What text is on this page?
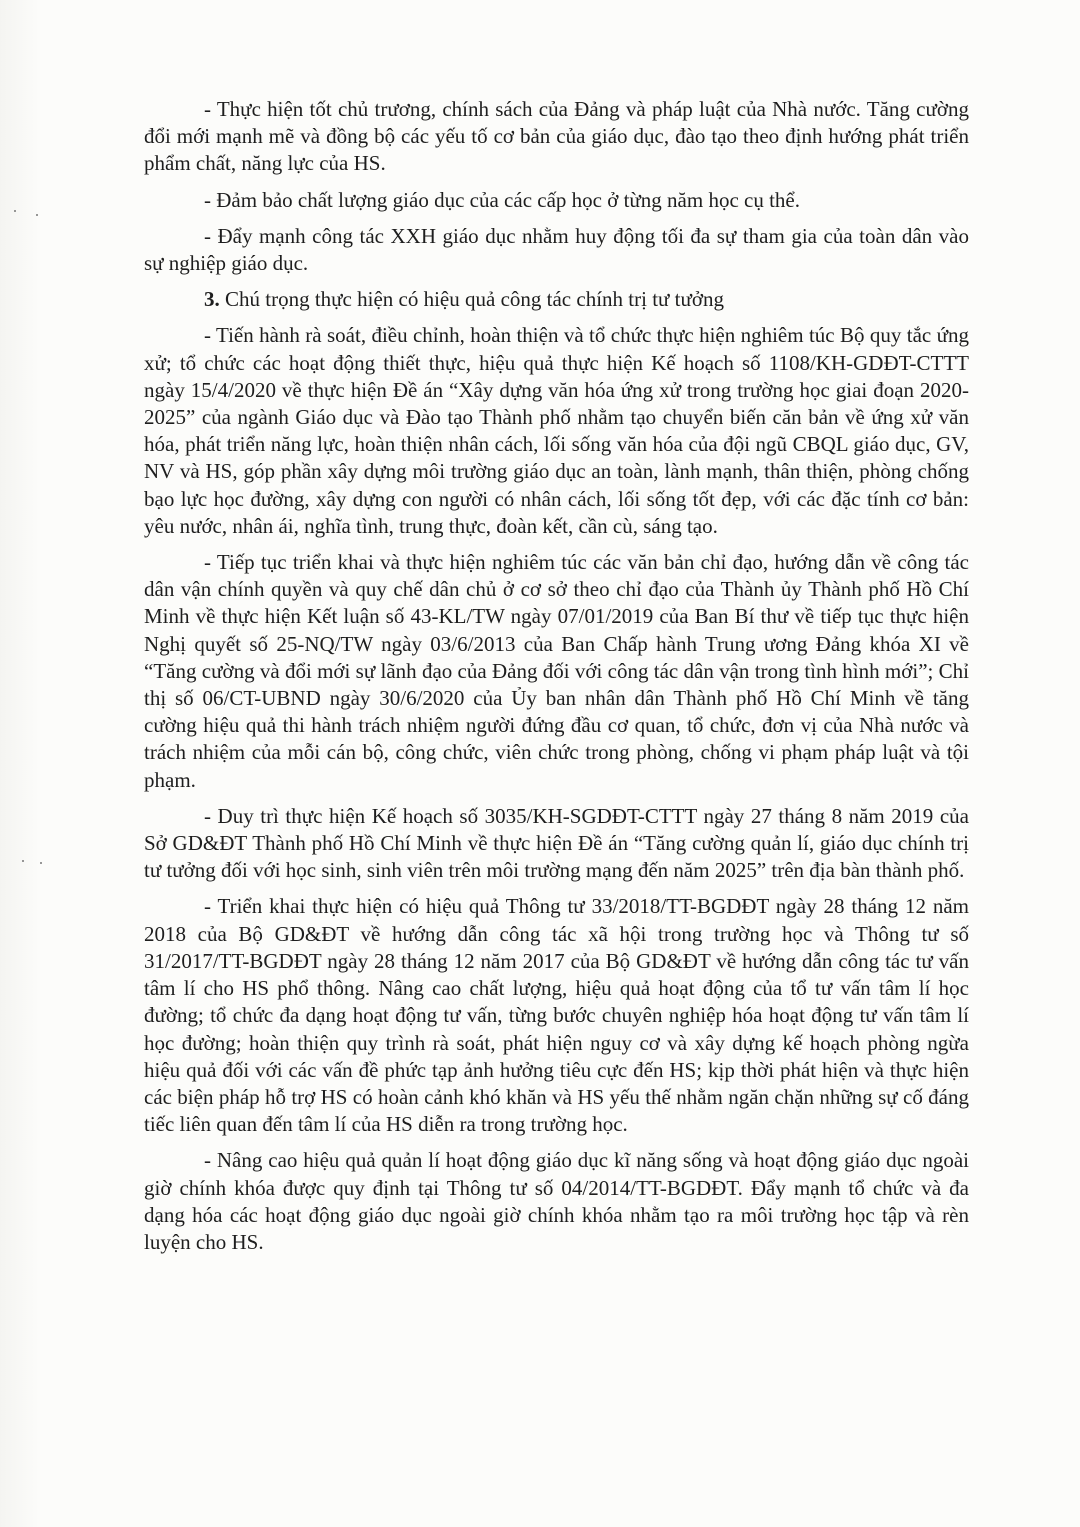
- Thực hiện tốt chủ trương, chính sách của Đảng và pháp luật của Nhà nước. Tăng cường đổi mới mạnh mẽ và đồng bộ các yếu tố cơ bản của giáo dục, đào tạo theo định hướng phát triển phẩm chất, năng lực của HS.

- Đảm bảo chất lượng giáo dục của các cấp học ở từng năm học cụ thể.

- Đẩy mạnh công tác XXH giáo dục nhằm huy động tối đa sự tham gia của toàn dân vào sự nghiệp giáo dục.

3. Chú trọng thực hiện có hiệu quả công tác chính trị tư tưởng

- Tiến hành rà soát, điều chỉnh, hoàn thiện và tổ chức thực hiện nghiêm túc Bộ quy tắc ứng xử; tổ chức các hoạt động thiết thực, hiệu quả thực hiện Kế hoạch số 1108/KH-GDĐT-CTTT ngày 15/4/2020 về thực hiện Đề án “Xây dựng văn hóa ứng xử trong trường học giai đoạn 2020-2025” của ngành Giáo dục và Đào tạo Thành phố nhằm tạo chuyển biến căn bản về ứng xử văn hóa, phát triển năng lực, hoàn thiện nhân cách, lối sống văn hóa của đội ngũ CBQL giáo dục, GV, NV và HS, góp phần xây dựng môi trường giáo dục an toàn, lành mạnh, thân thiện, phòng chống bạo lực học đường, xây dựng con người có nhân cách, lối sống tốt đẹp, với các đặc tính cơ bản: yêu nước, nhân ái, nghĩa tình, trung thực, đoàn kết, cần cù, sáng tạo.

- Tiếp tục triển khai và thực hiện nghiêm túc các văn bản chỉ đạo, hướng dẫn về công tác dân vận chính quyền và quy chế dân chủ ở cơ sở theo chỉ đạo của Thành ủy Thành phố Hồ Chí Minh về thực hiện Kết luận số 43-KL/TW ngày 07/01/2019 của Ban Bí thư về tiếp tục thực hiện Nghị quyết số 25-NQ/TW ngày 03/6/2013 của Ban Chấp hành Trung ương Đảng khóa XI về “Tăng cường và đổi mới sự lãnh đạo của Đảng đối với công tác dân vận trong tình hình mới”; Chỉ thị số 06/CT-UBND ngày 30/6/2020 của Ủy ban nhân dân Thành phố Hồ Chí Minh về tăng cường hiệu quả thi hành trách nhiệm người đứng đầu cơ quan, tổ chức, đơn vị của Nhà nước và trách nhiệm của mỗi cán bộ, công chức, viên chức trong phòng, chống vi phạm pháp luật và tội phạm.

- Duy trì thực hiện Kế hoạch số 3035/KH-SGDĐT-CTTT ngày 27 tháng 8 năm 2019 của Sở GD&ĐT Thành phố Hồ Chí Minh về thực hiện Đề án “Tăng cường quản lí, giáo dục chính trị tư tưởng đối với học sinh, sinh viên trên môi trường mạng đến năm 2025” trên địa bàn thành phố.

- Triển khai thực hiện có hiệu quả Thông tư 33/2018/TT-BGDĐT ngày 28 tháng 12 năm 2018 của Bộ GD&ĐT về hướng dẫn công tác xã hội trong trường học và Thông tư số 31/2017/TT-BGDĐT ngày 28 tháng 12 năm 2017 của Bộ GD&ĐT về hướng dẫn công tác tư vấn tâm lí cho HS phổ thông. Nâng cao chất lượng, hiệu quả hoạt động của tổ tư vấn tâm lí học đường; tổ chức đa dạng hoạt động tư vấn, từng bước chuyên nghiệp hóa hoạt động tư vấn tâm lí học đường; hoàn thiện quy trình rà soát, phát hiện nguy cơ và xây dựng kế hoạch phòng ngừa hiệu quả đối với các vấn đề phức tạp ảnh hưởng tiêu cực đến HS; kịp thời phát hiện và thực hiện các biện pháp hỗ trợ HS có hoàn cảnh khó khăn và HS yếu thế nhằm ngăn chặn những sự cố đáng tiếc liên quan đến tâm lí của HS diễn ra trong trường học.

- Nâng cao hiệu quả quản lí hoạt động giáo dục kĩ năng sống và hoạt động giáo dục ngoài giờ chính khóa được quy định tại Thông tư số 04/2014/TT-BGDĐT. Đẩy mạnh tổ chức và đa dạng hóa các hoạt động giáo dục ngoài giờ chính khóa nhằm tạo ra môi trường học tập và rèn luyện cho HS.
